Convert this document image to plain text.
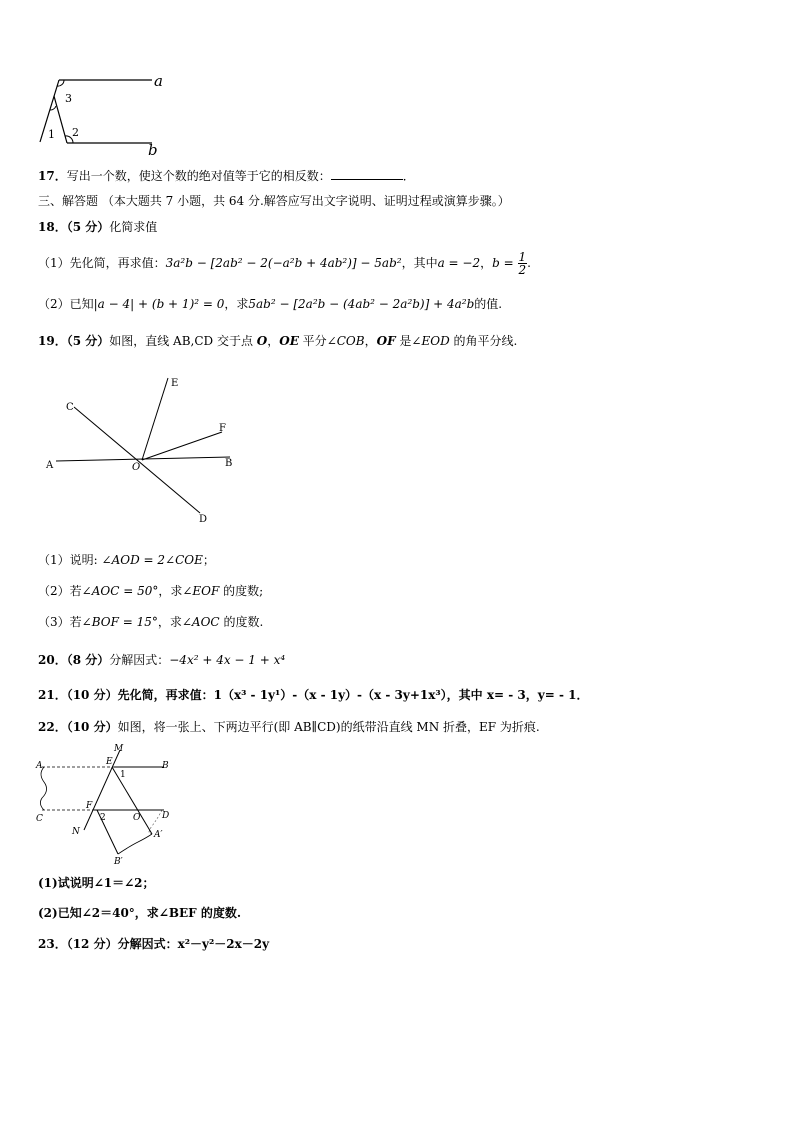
a
b
3
1 2
17．写出一个数，使这个数的绝对值等于它的相反数：	．
三、解答题 （本大题共 7 小题，共 64 分.解答应写出文字说明、证明过程或演算步骤。）
18．（5 分）化简求值
（1）先化简，再求值：3a²b − [2ab² − 2(−a²b + 4ab²)] − 5ab²，其中a = −2，$b = \frac{1}{2}$ .
（2）已知|a − 4| + (b + 1)² = 0，求5ab² − [2a²b − (4ab² − 2a²b)] + 4a²b的值.
19．（5 分）如图，直线 AB,CD 交于点 O，OE 平分∠COB，OF 是∠EOD 的角平分线.
A	B
C
D
E
F
O
（1）说明: ∠AOD = 2∠COE；
（2）若∠AOC = 50°，求∠EOF 的度数;
（3）若∠BOF = 15°，求∠AOC 的度数.
20．（8 分）分解因式：−4x² + 4x − 1 + x⁴
21．（10 分）先化简，再求值：1（x³ - 1y¹）-（x - 1y）-（x - 3y+1x³），其中 x= - 3，y= - 1．
22．（10 分）如图，将一张上、下两边平行(即 AB∥CD)的纸带沿直线 MN 折叠，EF 为折痕.
A	B
C	D
E
F
M
N
O
A′
B′
1
2
(1)试说明∠1＝∠2；
(2)已知∠2＝40°，求∠BEF 的度数.
23．（12 分）分解因式：x²－y²－2x－2y
